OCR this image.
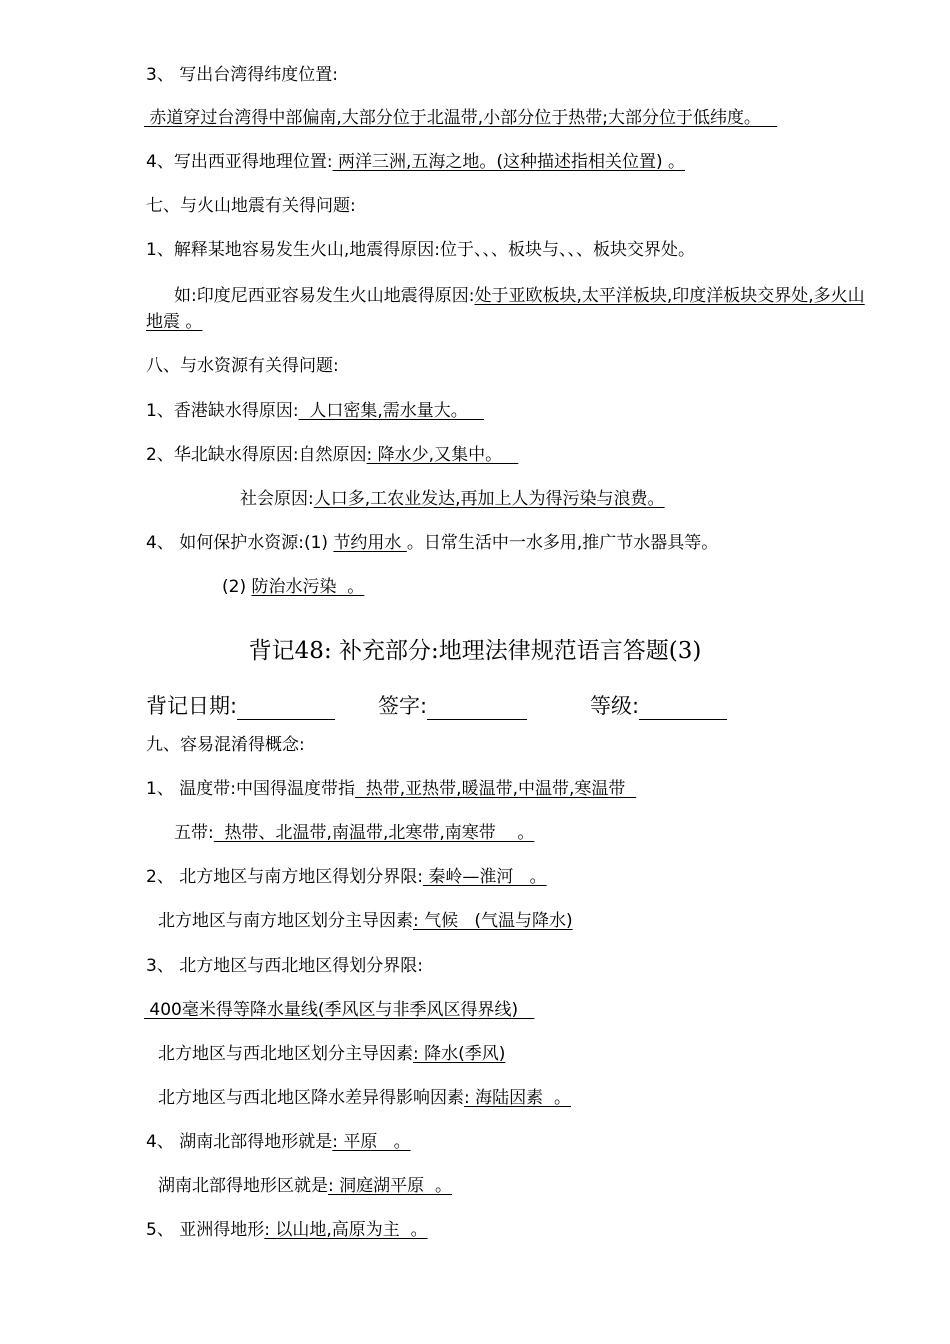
3、 写出台湾得纬度位置:
赤道穿过台湾得中部偏南,大部分位于北温带,小部分位于热带;大部分位于低纬度。
4、写出西亚得地理位置: 两洋三洲,五海之地。(这种描述指相关位置) 。
七、与火山地震有关得问题:
1、解释某地容易发生火山,地震得原因:位于、、、板块与、、、板块交界处。
如:印度尼西亚容易发生火山地震得原因:处于亚欧板块,太平洋板块,印度洋板块交界处,多火山地震 。
八、与水资源有关得问题:
1、香港缺水得原因:  人口密集,需水量大。
2、华北缺水得原因:自然原因: 降水少,又集中。
社会原因:人口多,工农业发达,再加上人为得污染与浪费。
4、 如何保护水资源:(1) 节约用水 。日常生活中一水多用,推广节水器具等。
(2) 防治水污染  。
背记48: 补充部分:地理法律规范语言答题(3)
背记日期:	签字:	等级:
九、容易混淆得概念:
1、 温度带:中国得温度带指  热带,亚热带,暖温带,中温带,寒温带
五带:  热带、北温带,南温带,北寒带,南寒带    。
2、 北方地区与南方地区得划分界限: 秦岭—淮河   。
北方地区与南方地区划分主导因素: 气候   (气温与降水)
3、 北方地区与西北地区得划分界限:
400毫米得等降水量线(季风区与非季风区得界线)
北方地区与西北地区划分主导因素: 降水(季风)
北方地区与西北地区降水差异得影响因素: 海陆因素  。
4、 湖南北部得地形就是: 平原   。
湖南北部得地形区就是: 洞庭湖平原  。
5、 亚洲得地形: 以山地,高原为主  。
